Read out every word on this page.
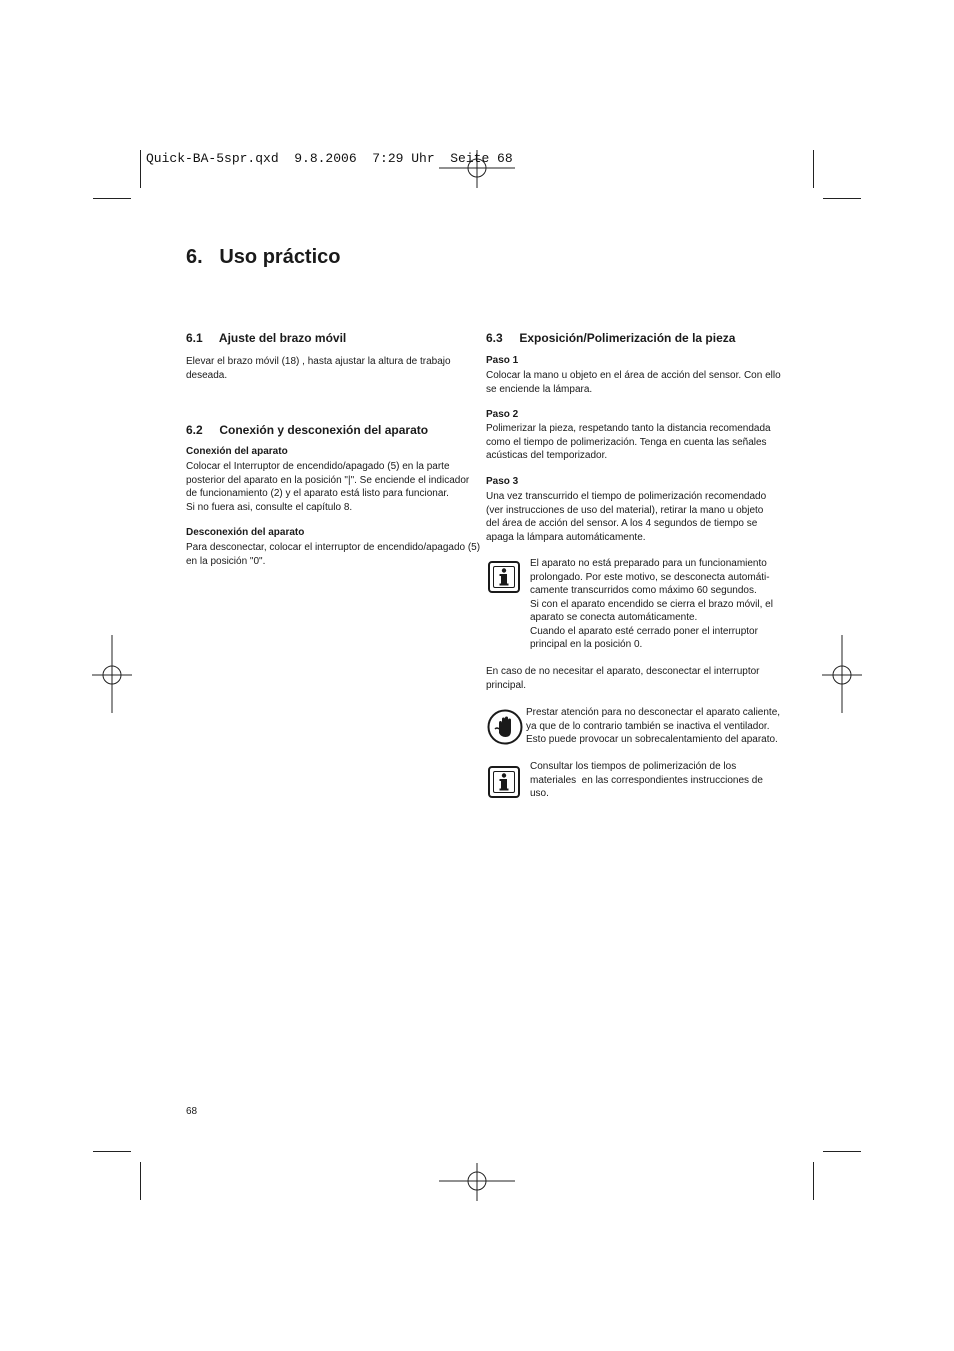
Quick-BA-5spr.qxd  9.8.2006  7:29 Uhr  Seite 68
6.   Uso práctico
6.1     Ajuste del brazo móvil
Elevar el brazo móvil (18) , hasta ajustar la altura de trabajo
deseada.
6.2     Conexión y desconexión del aparato
Conexión del aparato
Colocar el Interruptor de encendido/apagado (5) en la parte
posterior del aparato en la posición "|". Se enciende el indicador
de funcionamiento (2) y el aparato está listo para funcionar.
Si no fuera asi, consulte el capítulo 8.
Desconexión del aparato
Para desconectar, colocar el interruptor de encendido/apagado (5)
en la posición "0".
6.3     Exposición/Polimerización de la pieza
Paso 1
Colocar la mano u objeto en el área de acción del sensor. Con ello
se enciende la lámpara.
Paso 2
Polimerizar la pieza, respetando tanto la distancia recomendada
como el tiempo de polimerización. Tenga en cuenta las señales
acústicas del temporizador.
Paso 3
Una vez transcurrido el tiempo de polimerización recomendado
(ver instrucciones de uso del material), retirar la mano u objeto
del área de acción del sensor. A los 4 segundos de tiempo se
apaga la lámpara automáticamente.
El aparato no está preparado para un funcionamiento
prolongado. Por este motivo, se desconecta automáti-
camente transcurridos como máximo 60 segundos.
Si con el aparato encendido se cierra el brazo móvil, el
aparato se conecta automáticamente.
Cuando el aparato esté cerrado poner el interruptor
principal en la posición 0.
En caso de no necesitar el aparato, desconectar el interruptor
principal.
Prestar atención para no desconectar el aparato caliente,
ya que de lo contrario también se inactiva el ventilador.
Esto puede provocar un sobrecalentamiento del aparato.
Consultar los tiempos de polimerización de los
materiales  en las correspondientes instrucciones de
uso.
68
